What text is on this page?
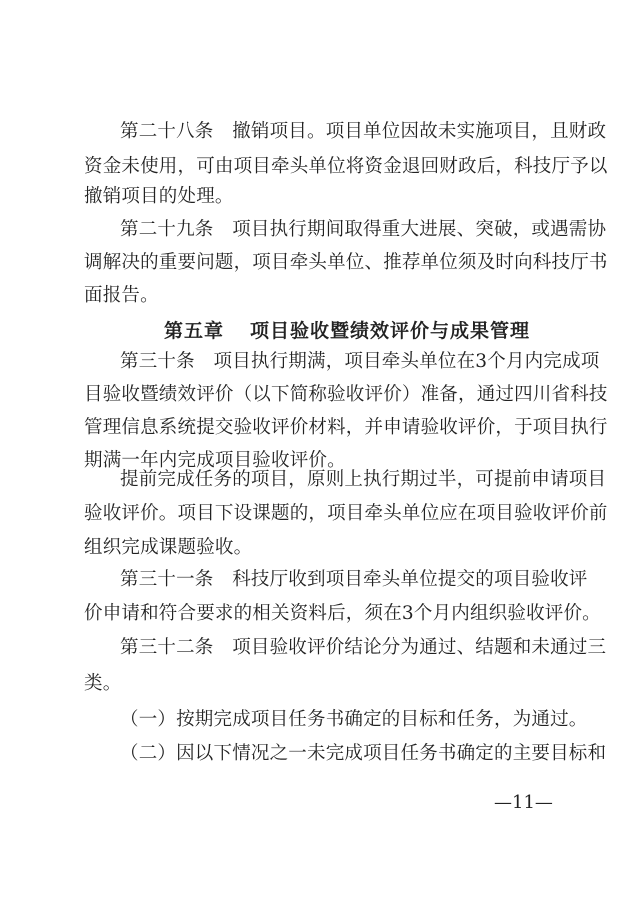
第二十八条　撤销项目。项目单位因故未实施项目，且财政
资金未使用，可由项目牵头单位将资金退回财政后，科技厅予以
撤销项目的处理。
第二十九条　项目执行期间取得重大进展、突破，或遇需协
调解决的重要问题，项目牵头单位、推荐单位须及时向科技厅书
面报告。
第五章 项目验收暨绩效评价与成果管理
第三十条　项目执行期满，项目牵头单位在3个月内完成项
目验收暨绩效评价（以下简称验收评价）准备，通过四川省科技
管理信息系统提交验收评价材料，并申请验收评价，于项目执行
期满一年内完成项目验收评价。
提前完成任务的项目，原则上执行期过半，可提前申请项目
验收评价。项目下设课题的，项目牵头单位应在项目验收评价前
组织完成课题验收。
第三十一条　科技厅收到项目牵头单位提交的项目验收评
价申请和符合要求的相关资料后，须在3个月内组织验收评价。
第三十二条　项目验收评价结论分为通过、结题和未通过三
类。
（一）按期完成项目任务书确定的目标和任务，为通过。
（二）因以下情况之一未完成项目任务书确定的主要目标和
—11—
